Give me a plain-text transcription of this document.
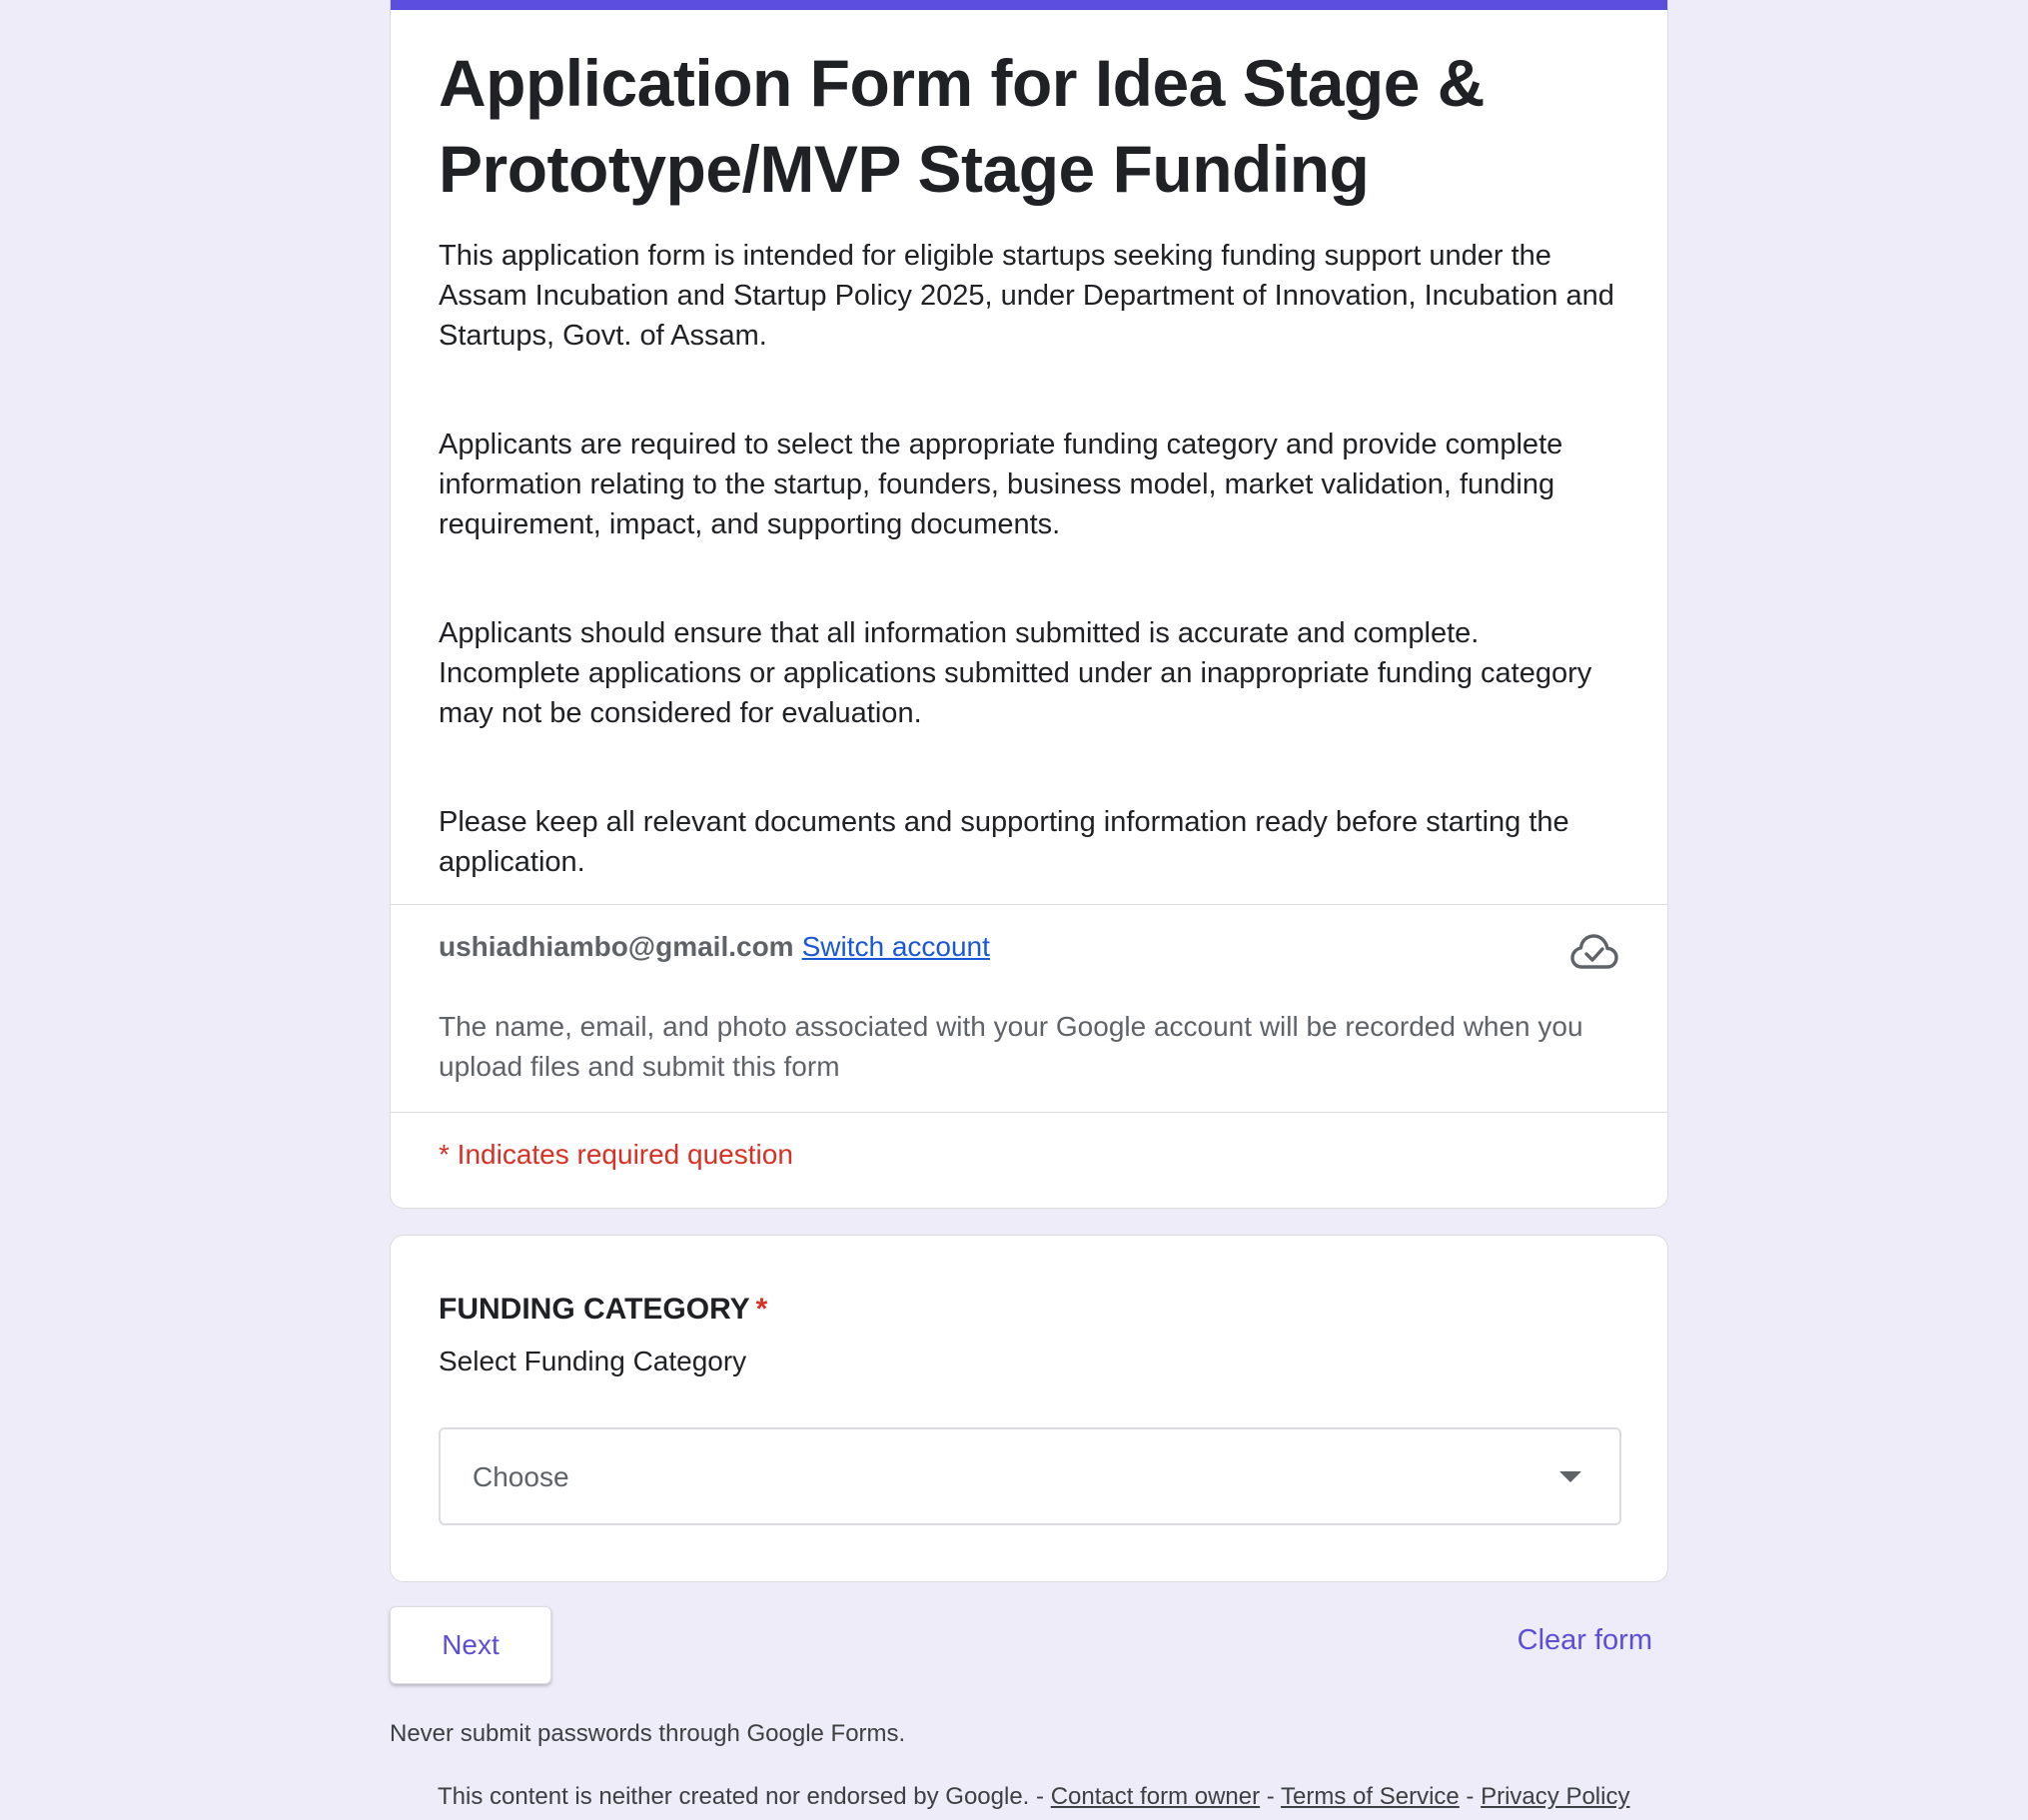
Application Form for Idea Stage & Prototype/MVP Stage Funding

This application form is intended for eligible startups seeking funding support under the Assam Incubation and Startup Policy 2025, under Department of Innovation, Incubation and Startups, Govt. of Assam.

Applicants are required to select the appropriate funding category and provide complete information relating to the startup, founders, business model, market validation, funding requirement, impact, and supporting documents.

Applicants should ensure that all information submitted is accurate and complete. Incomplete applications or applications submitted under an inappropriate funding category may not be considered for evaluation.

Please keep all relevant documents and supporting information ready before starting the application.

ushiadhiambo@gmail.com Switch account
The name, email, and photo associated with your Google account will be recorded when you upload files and submit this form
* Indicates required question
FUNDING CATEGORY *
Select Funding Category
Choose
Next	Clear form
Never submit passwords through Google Forms.
This content is neither created nor endorsed by Google. - Contact form owner - Terms of Service - Privacy Policy
